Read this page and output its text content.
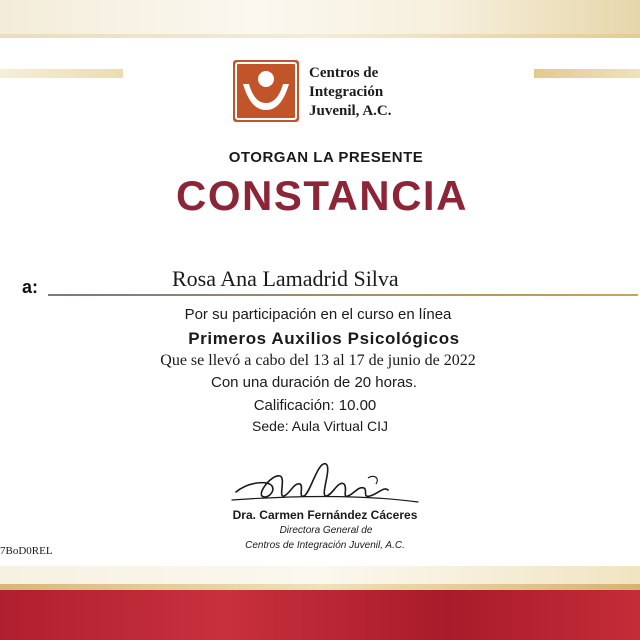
Centros de
Integración
Juvenil, A.C.
OTORGAN LA PRESENTE
CONSTANCIA
a:	Rosa Ana Lamadrid Silva
Por su participación en el curso en línea
Primeros Auxilios Psicológicos
Que se llevó a cabo del 13 al 17 de junio de 2022
Con una duración de 20 horas.
Calificación: 10.00
Sede: Aula Virtual CIJ
Dra. Carmen Fernández Cáceres
Directora General de
Centros de Integración Juvenil, A.C.
7BoD0REL
